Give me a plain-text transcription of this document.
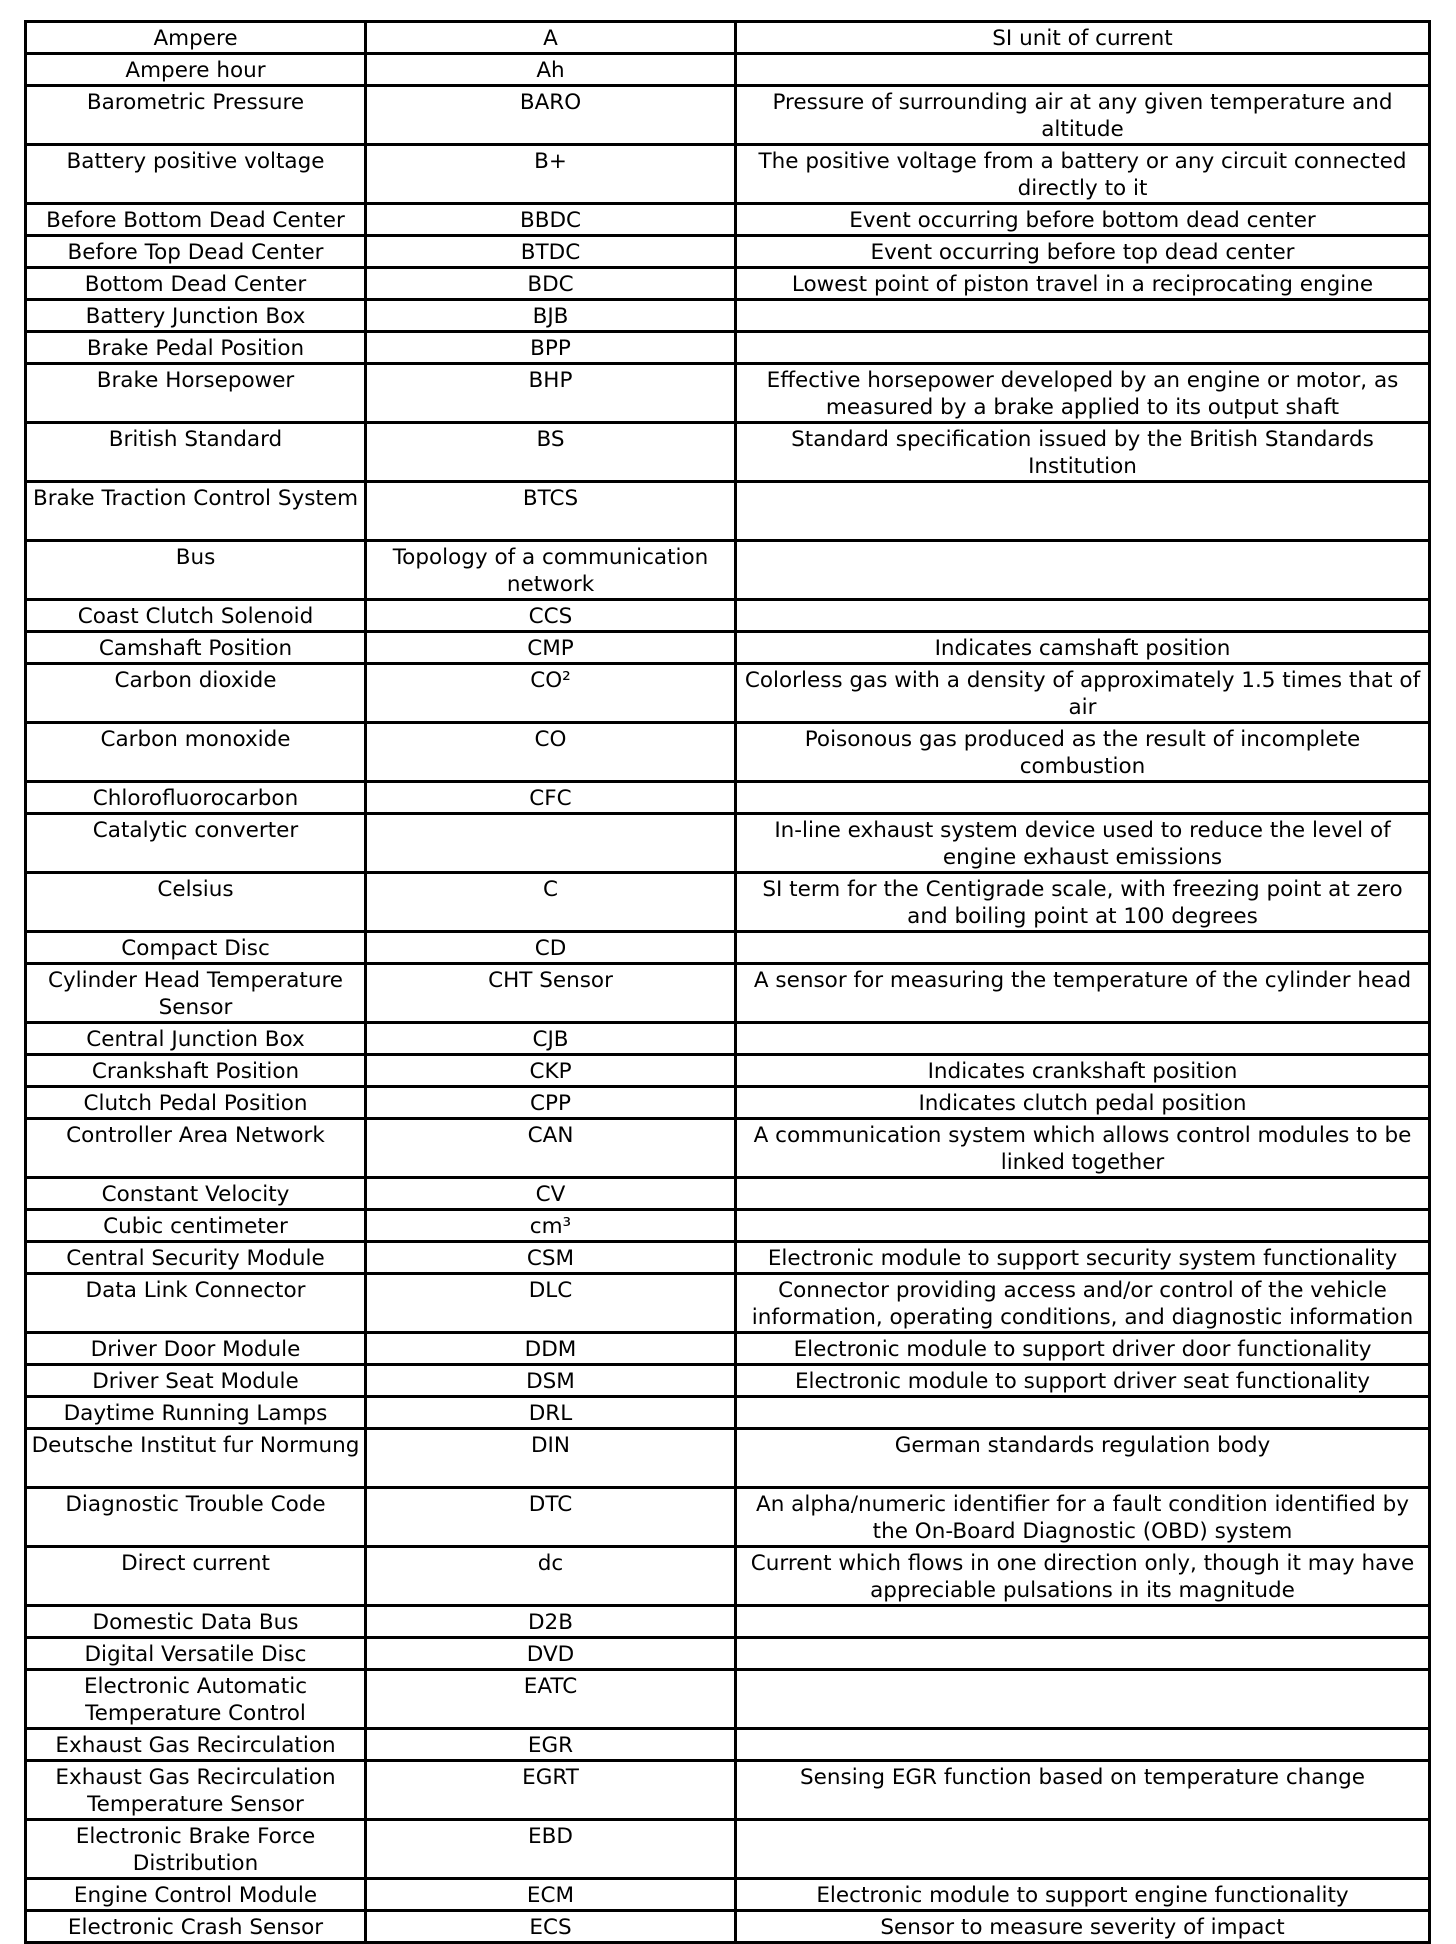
Ampere	A	SI unit of current
Ampere hour	Ah	
Barometric Pressure	BARO	Pressure of surrounding air at any given temperature and altitude
Battery positive voltage	B+	The positive voltage from a battery or any circuit connected directly to it
Before Bottom Dead Center	BBDC	Event occurring before bottom dead center
Before Top Dead Center	BTDC	Event occurring before top dead center
Bottom Dead Center	BDC	Lowest point of piston travel in a reciprocating engine
Battery Junction Box	BJB	
Brake Pedal Position	BPP	
Brake Horsepower	BHP	Effective horsepower developed by an engine or motor, as measured by a brake applied to its output shaft
British Standard	BS	Standard specification issued by the British Standards Institution
Brake Traction Control System	BTCS	
Bus	Topology of a communication network	
Coast Clutch Solenoid	CCS	
Camshaft Position	CMP	Indicates camshaft position
Carbon dioxide	CO²	Colorless gas with a density of approximately 1.5 times that of air
Carbon monoxide	CO	Poisonous gas produced as the result of incomplete combustion
Chlorofluorocarbon	CFC	
Catalytic converter		In-line exhaust system device used to reduce the level of engine exhaust emissions
Celsius	C	SI term for the Centigrade scale, with freezing point at zero and boiling point at 100 degrees
Compact Disc	CD	
Cylinder Head Temperature Sensor	CHT Sensor	A sensor for measuring the temperature of the cylinder head
Central Junction Box	CJB	
Crankshaft Position	CKP	Indicates crankshaft position
Clutch Pedal Position	CPP	Indicates clutch pedal position
Controller Area Network	CAN	A communication system which allows control modules to be linked together
Constant Velocity	CV	
Cubic centimeter	cm³	
Central Security Module	CSM	Electronic module to support security system functionality
Data Link Connector	DLC	Connector providing access and/or control of the vehicle information, operating conditions, and diagnostic information
Driver Door Module	DDM	Electronic module to support driver door functionality
Driver Seat Module	DSM	Electronic module to support driver seat functionality
Daytime Running Lamps	DRL	
Deutsche Institut fur Normung	DIN	German standards regulation body
Diagnostic Trouble Code	DTC	An alpha/numeric identifier for a fault condition identified by the On-Board Diagnostic (OBD) system
Direct current	dc	Current which flows in one direction only, though it may have appreciable pulsations in its magnitude
Domestic Data Bus	D2B	
Digital Versatile Disc	DVD	
Electronic Automatic Temperature Control	EATC	
Exhaust Gas Recirculation	EGR	
Exhaust Gas Recirculation Temperature Sensor	EGRT	Sensing EGR function based on temperature change
Electronic Brake Force Distribution	EBD	
Engine Control Module	ECM	Electronic module to support engine functionality
Electronic Crash Sensor	ECS	Sensor to measure severity of impact
